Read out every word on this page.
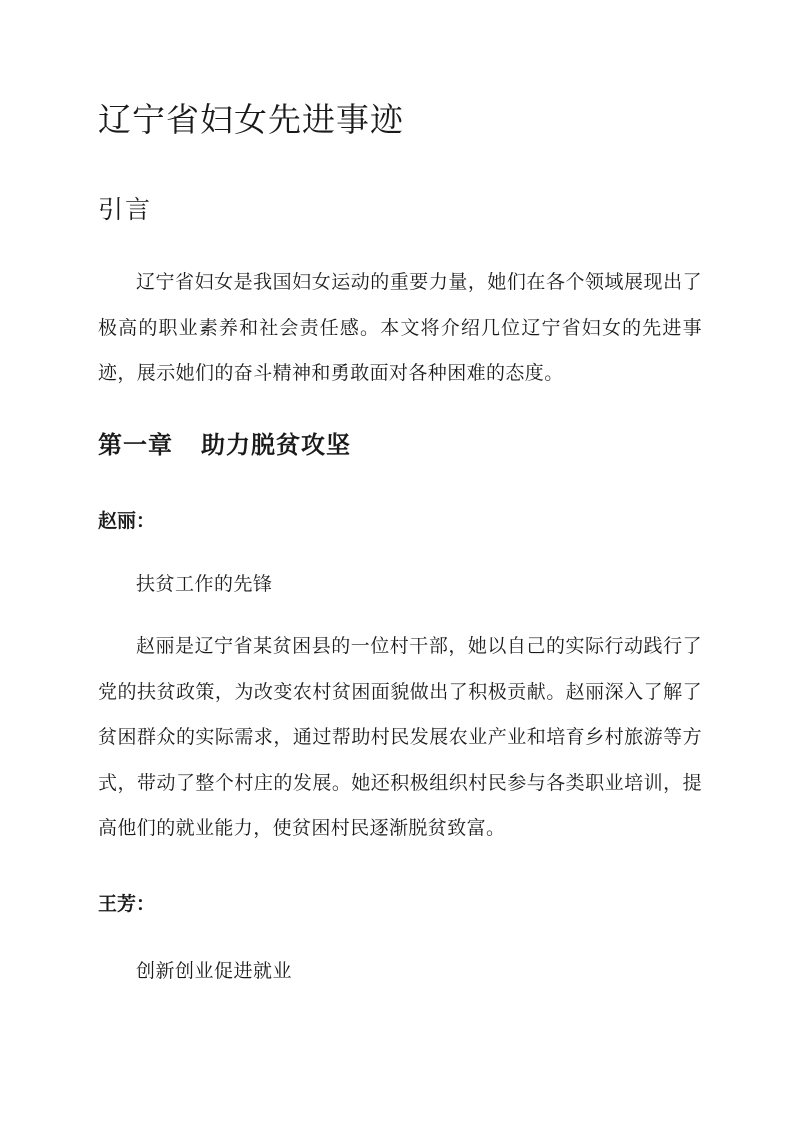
辽宁省妇女先进事迹
引言

辽宁省妇女是我国妇女运动的重要力量，她们在各个领域展现出了极高的职业素养和社会责任感。本文将介绍几位辽宁省妇女的先进事迹，展示她们的奋斗精神和勇敢面对各种困难的态度。

第一章 助力脱贫攻坚

赵丽：

扶贫工作的先锋

赵丽是辽宁省某贫困县的一位村干部，她以自己的实际行动践行了党的扶贫政策，为改变农村贫困面貌做出了积极贡献。赵丽深入了解了贫困群众的实际需求，通过帮助村民发展农业产业和培育乡村旅游等方式，带动了整个村庄的发展。她还积极组织村民参与各类职业培训，提高他们的就业能力，使贫困村民逐渐脱贫致富。

王芳：

创新创业促进就业
